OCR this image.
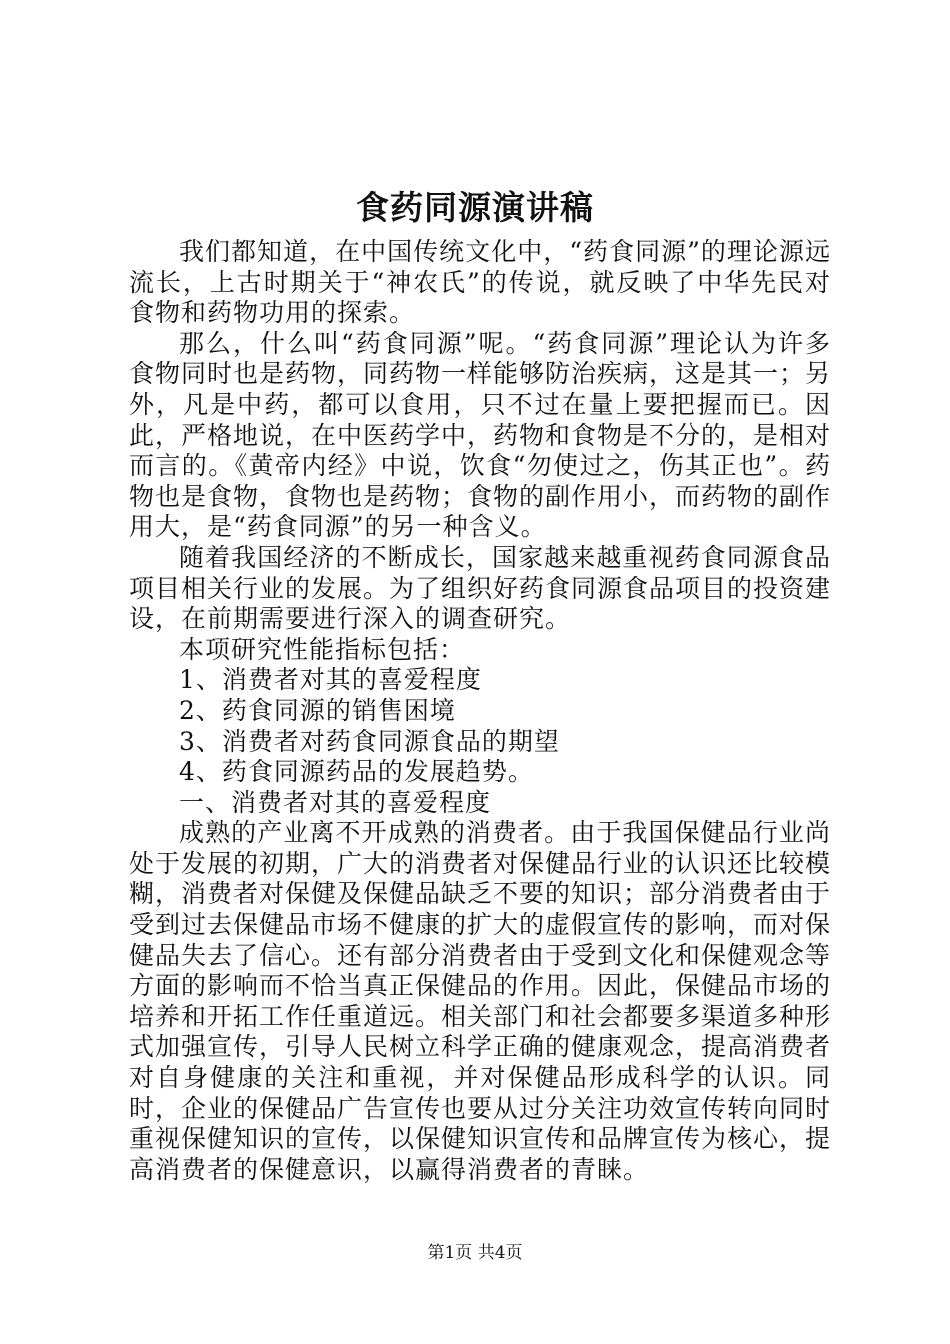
食药同源演讲稿

我们都知道，在中国传统文化中，“药食同源”的理论源远流长，上古时期关于“神农氏”的传说，就反映了中华先民对食物和药物功用的探索。

那么，什么叫“药食同源”呢。“药食同源”理论认为许多食物同时也是药物，同药物一样能够防治疾病，这是其一；另外，凡是中药，都可以食用，只不过在量上要把握而已。因此，严格地说，在中医药学中，药物和食物是不分的，是相对而言的。《黄帝内经》中说，饮食“勿使过之，伤其正也”。药物也是食物，食物也是药物；食物的副作用小，而药物的副作用大，是“药食同源”的另一种含义。

随着我国经济的不断成长，国家越来越重视药食同源食品项目相关行业的发展。为了组织好药食同源食品项目的投资建设，在前期需要进行深入的调查研究。

本项研究性能指标包括：

1、消费者对其的喜爱程度

2、药食同源的销售困境

3、消费者对药食同源食品的期望

4、药食同源药品的发展趋势。

一、消费者对其的喜爱程度

成熟的产业离不开成熟的消费者。由于我国保健品行业尚处于发展的初期，广大的消费者对保健品行业的认识还比较模糊，消费者对保健及保健品缺乏不要的知识；部分消费者由于受到过去保健品市场不健康的扩大的虚假宣传的影响，而对保健品失去了信心。还有部分消费者由于受到文化和保健观念等方面的影响而不恰当真正保健品的作用。因此，保健品市场的培养和开拓工作任重道远。相关部门和社会都要多渠道多种形式加强宣传，引导人民树立科学正确的健康观念，提高消费者对自身健康的关注和重视，并对保健品形成科学的认识。同时，企业的保健品广告宣传也要从过分关注功效宣传转向同时重视保健知识的宣传，以保健知识宣传和品牌宣传为核心，提高消费者的保健意识，以赢得消费者的青睐。

第1页 共4页
